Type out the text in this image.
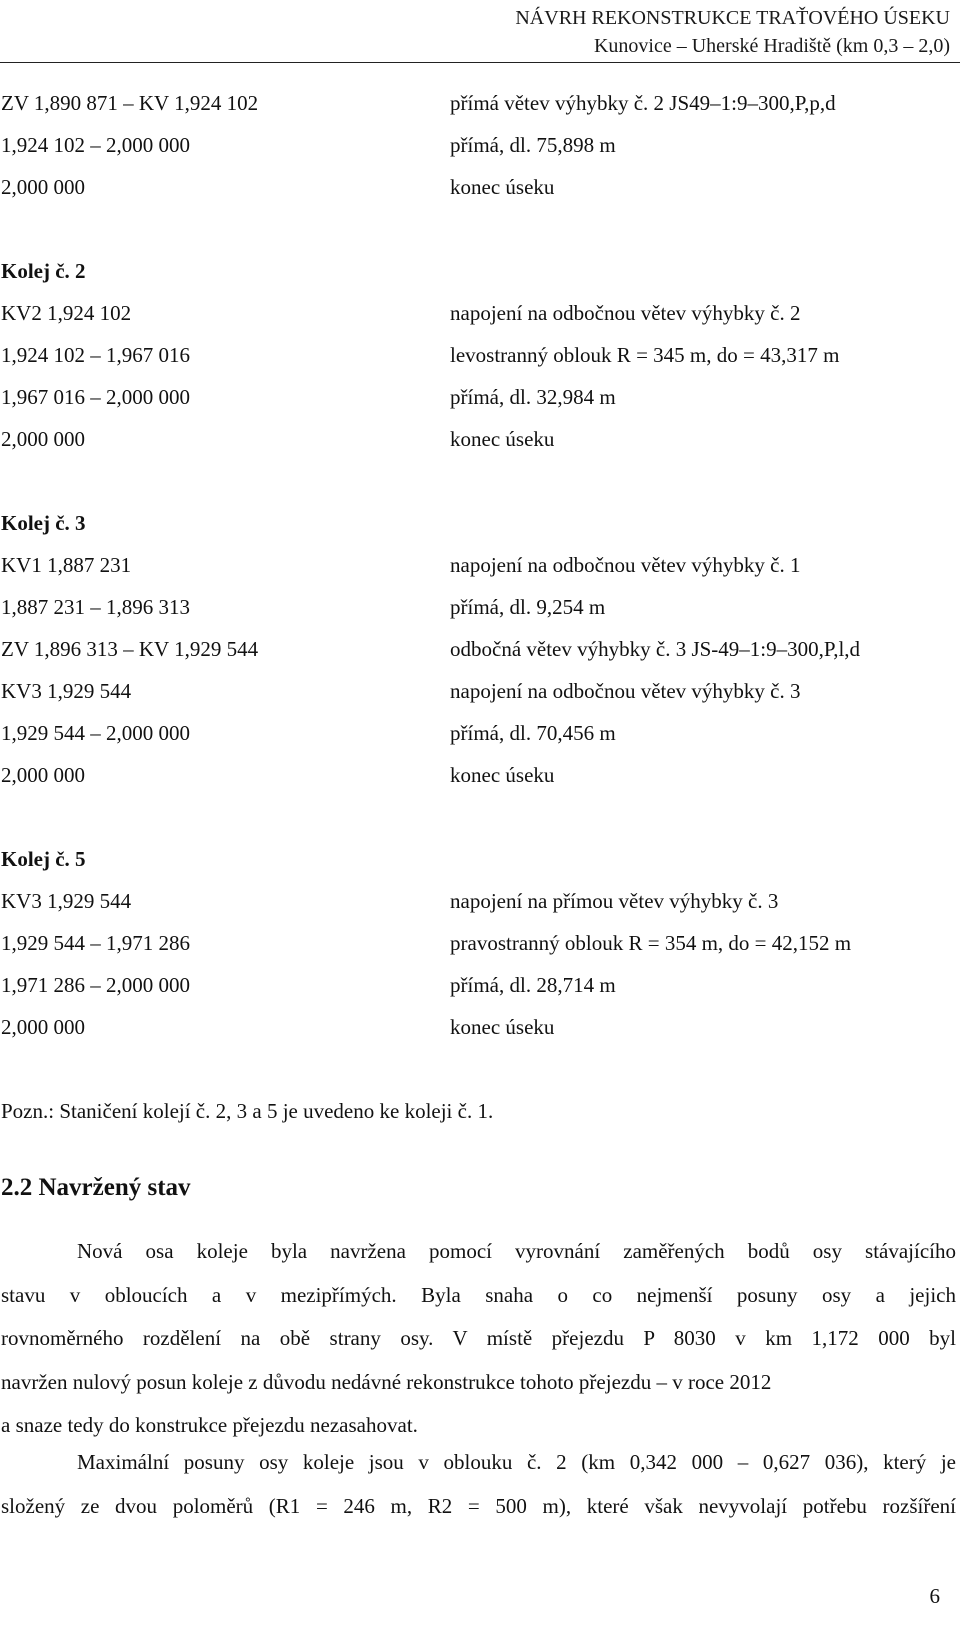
NÁVRH REKONSTRUKCE TRAŤOVÉHO ÚSEKU
Kunovice – Uherské Hradiště (km 0,3 – 2,0)
ZV 1,890 871 – KV 1,924 102	přímá větev výhybky č. 2 JS49–1:9–300,P,p,d
1,924 102 – 2,000 000	přímá, dl. 75,898 m
2,000 000	konec úseku
Kolej č. 2
KV2 1,924 102	napojení na odbočnou větev výhybky č. 2
1,924 102 – 1,967 016	levostranný oblouk R = 345 m, do = 43,317 m
1,967 016 – 2,000 000	přímá, dl. 32,984 m
2,000 000	konec úseku
Kolej č. 3
KV1 1,887 231	napojení na odbočnou větev výhybky č. 1
1,887 231 – 1,896 313	přímá, dl. 9,254 m
ZV 1,896 313 – KV 1,929 544	odbočná větev výhybky č. 3 JS-49–1:9–300,P,l,d
KV3 1,929 544	napojení na odbočnou větev výhybky č. 3
1,929 544 – 2,000 000	přímá, dl. 70,456 m
2,000 000	konec úseku
Kolej č. 5
KV3 1,929 544	napojení na přímou větev výhybky č. 3
1,929 544 – 1,971 286	pravostranný oblouk R = 354 m, do = 42,152 m
1,971 286 – 2,000 000	přímá, dl. 28,714 m
2,000 000	konec úseku
Pozn.: Staničení kolejí č. 2, 3 a 5 je uvedeno ke koleji č. 1.
2.2 Navržený stav
Nová osa koleje byla navržena pomocí vyrovnání zaměřených bodů osy stávajícího
stavu v obloucích a v mezipřímých. Byla snaha o co nejmenší posuny osy a jejich
rovnoměrného rozdělení na obě strany osy. V místě přejezdu P 8030 v km 1,172 000 byl
navržen nulový posun koleje z důvodu nedávné rekonstrukce tohoto přejezdu – v roce 2012
a snaze tedy do konstrukce přejezdu nezasahovat.
Maximální posuny osy koleje jsou v oblouku č. 2 (km 0,342 000 – 0,627 036), který je
složený ze dvou poloměrů (R1 = 246 m, R2 = 500 m), které však nevyvolají potřebu rozšíření
6
